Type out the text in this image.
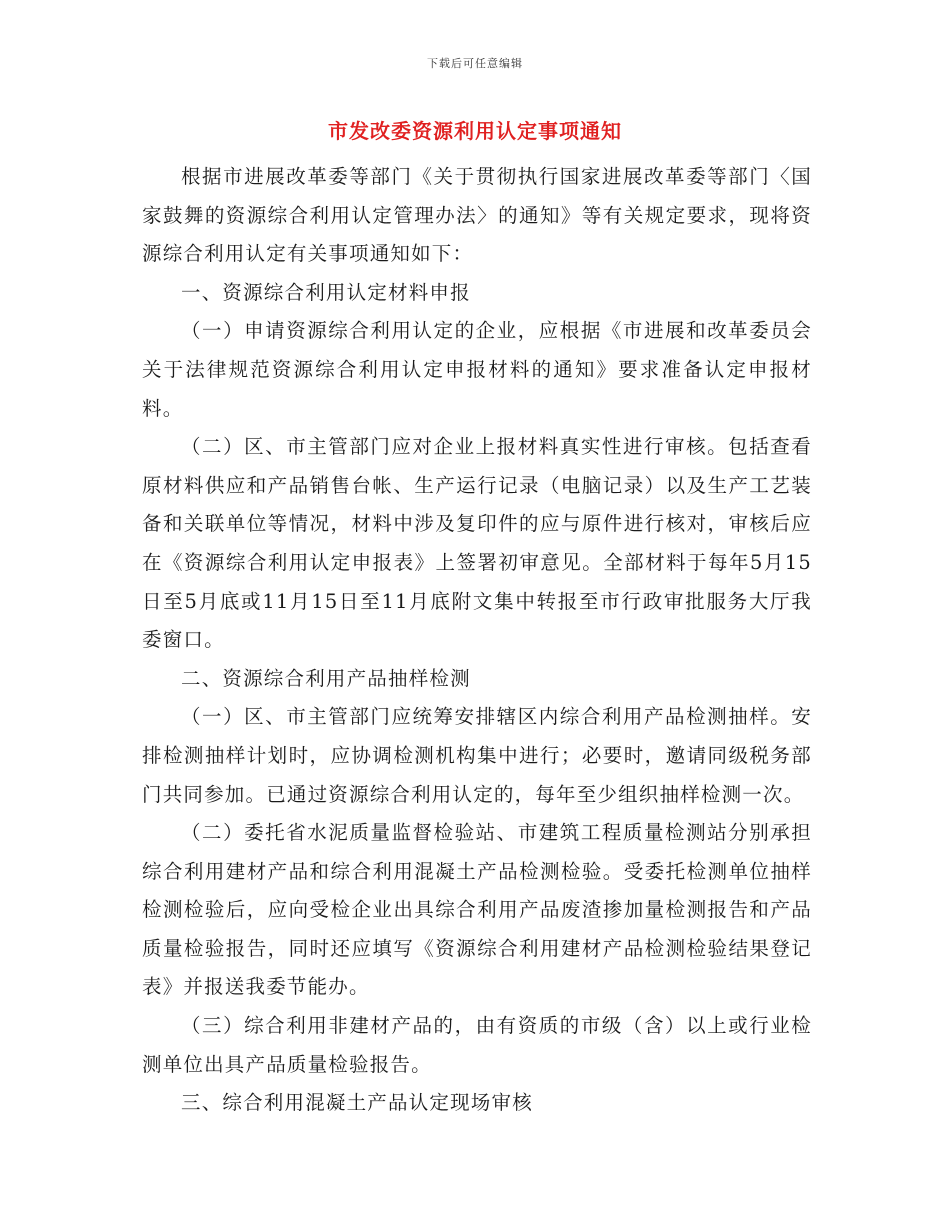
下载后可任意编辑
市发改委资源利用认定事项通知

根据市进展改革委等部门《关于贯彻执行国家进展改革委等部门〈国家鼓舞的资源综合利用认定管理办法〉的通知》等有关规定要求，现将资源综合利用认定有关事项通知如下：

一、资源综合利用认定材料申报

（一）申请资源综合利用认定的企业，应根据《市进展和改革委员会关于法律规范资源综合利用认定申报材料的通知》要求准备认定申报材料。

（二）区、市主管部门应对企业上报材料真实性进行审核。包括查看原材料供应和产品销售台帐、生产运行记录（电脑记录）以及生产工艺装备和关联单位等情况，材料中涉及复印件的应与原件进行核对，审核后应在《资源综合利用认定申报表》上签署初审意见。全部材料于每年5月15日至5月底或11月15日至11月底附文集中转报至市行政审批服务大厅我委窗口。

二、资源综合利用产品抽样检测

（一）区、市主管部门应统筹安排辖区内综合利用产品检测抽样。安排检测抽样计划时，应协调检测机构集中进行；必要时，邀请同级税务部门共同参加。已通过资源综合利用认定的，每年至少组织抽样检测一次。

（二）委托省水泥质量监督检验站、市建筑工程质量检测站分别承担综合利用建材产品和综合利用混凝土产品检测检验。受委托检测单位抽样检测检验后，应向受检企业出具综合利用产品废渣掺加量检测报告和产品质量检验报告，同时还应填写《资源综合利用建材产品检测检验结果登记表》并报送我委节能办。

（三）综合利用非建材产品的，由有资质的市级（含）以上或行业检测单位出具产品质量检验报告。

三、综合利用混凝土产品认定现场审核
